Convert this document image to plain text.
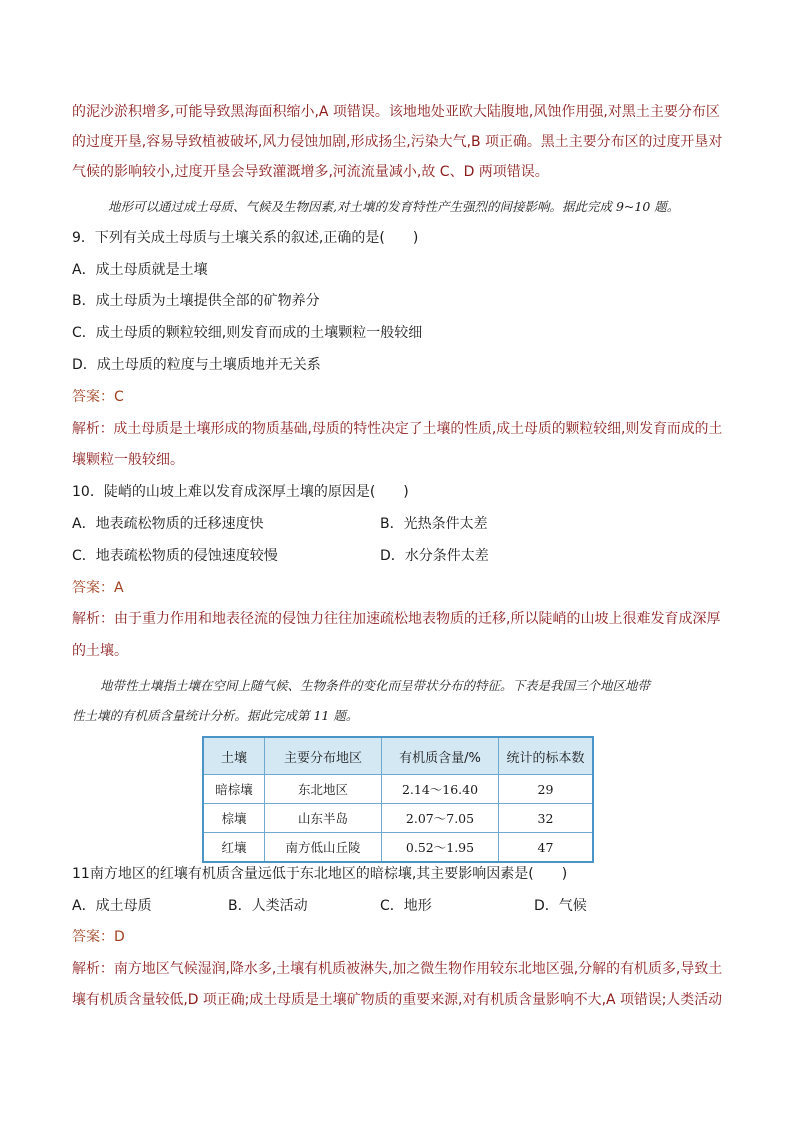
的泥沙淤积增多,可能导致黑海面积缩小,A 项错误。该地地处亚欧大陆腹地,风蚀作用强,对黑土主要分布区
的过度开垦,容易导致植被破坏,风力侵蚀加剧,形成扬尘,污染大气,B 项正确。黑土主要分布区的过度开垦对
气候的影响较小,过度开垦会导致灌溉增多,河流流量减小,故 C、D 两项错误。
地形可以通过成土母质、气候及生物因素,对土壤的发育特性产生强烈的间接影响。据此完成 9~10 题。
9．下列有关成土母质与土壤关系的叙述,正确的是(　　)
A．成土母质就是土壤
B．成土母质为土壤提供全部的矿物养分
C．成土母质的颗粒较细,则发育而成的土壤颗粒一般较细
D．成土母质的粒度与土壤质地并无关系
答案：C
解析：成土母质是土壤形成的物质基础,母质的特性决定了土壤的性质,成土母质的颗粒较细,则发育而成的土
壤颗粒一般较细。
10．陡峭的山坡上难以发育成深厚土壤的原因是(　　)
A．地表疏松物质的迁移速度快	B．光热条件太差
C．地表疏松物质的侵蚀速度较慢	D．水分条件太差
答案：A
解析：由于重力作用和地表径流的侵蚀力往往加速疏松地表物质的迁移,所以陡峭的山坡上很难发育成深厚
的土壤。
地带性土壤指土壤在空间上随气候、生物条件的变化而呈带状分布的特征。下表是我国三个地区地带
性土壤的有机质含量统计分析。据此完成第 11 题。
土壤	主要分布地区	有机质含量/%	统计的标本数
暗棕壤	东北地区	2.14～16.40	29
棕壤	山东半岛	2.07～7.05	32
红壤	南方低山丘陵	0.52～1.95	47
11南方地区的红壤有机质含量远低于东北地区的暗棕壤,其主要影响因素是(　　)
A．成土母质	B．人类活动	C．地形	D．气候
答案：D
解析：南方地区气候湿润,降水多,土壤有机质被淋失,加之微生物作用较东北地区强,分解的有机质多,导致土
壤有机质含量较低,D 项正确;成土母质是土壤矿物质的重要来源,对有机质含量影响不大,A 项错误;人类活动
